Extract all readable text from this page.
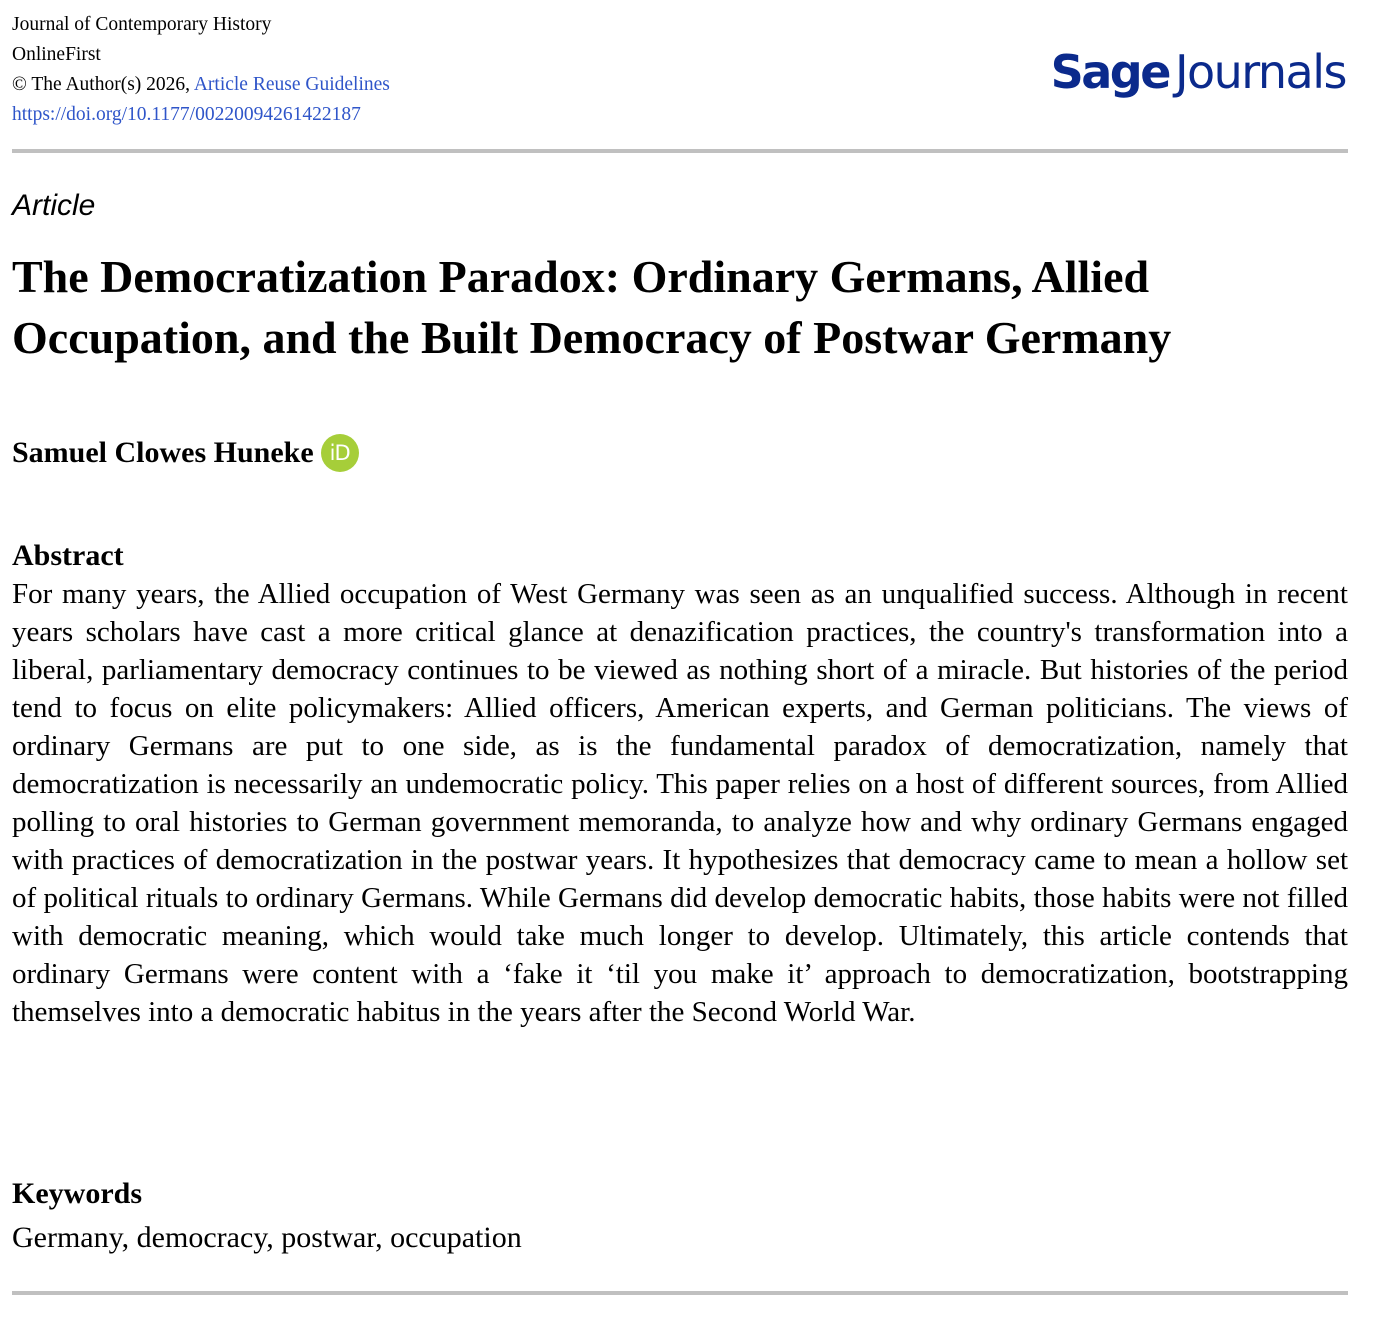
Journal of Contemporary History
OnlineFirst
© The Author(s) 2026, Article Reuse Guidelines
https://doi.org/10.1177/00220094261422187
Sage Journals
Article
The Democratization Paradox: Ordinary Germans, Allied Occupation, and the Built Democracy of Postwar Germany
Samuel Clowes Huneke iD
Abstract

For many years, the Allied occupation of West Germany was seen as an unqualified success. Although in recent years scholars have cast a more critical glance at denazification practices, the country's transformation into a liberal, parliamentary democracy continues to be viewed as nothing short of a miracle. But histories of the period tend to focus on elite policymakers: Allied officers, American experts, and German politicians. The views of ordinary Germans are put to one side, as is the fundamental paradox of democratization, namely that democratization is necessarily an undemocratic policy. This paper relies on a host of different sources, from Allied polling to oral histories to German government memoranda, to analyze how and why ordinary Germans engaged with practices of democratization in the postwar years. It hypothesizes that democracy came to mean a hollow set of political rituals to ordinary Germans. While Germans did develop democratic habits, those habits were not filled with democratic meaning, which would take much longer to develop. Ultimately, this article contends that ordinary Germans were content with a ‘fake it ‘til you make it’ approach to democratization, bootstrapping themselves into a democratic habitus in the years after the Second World War.

Keywords
Germany, democracy, postwar, occupation
